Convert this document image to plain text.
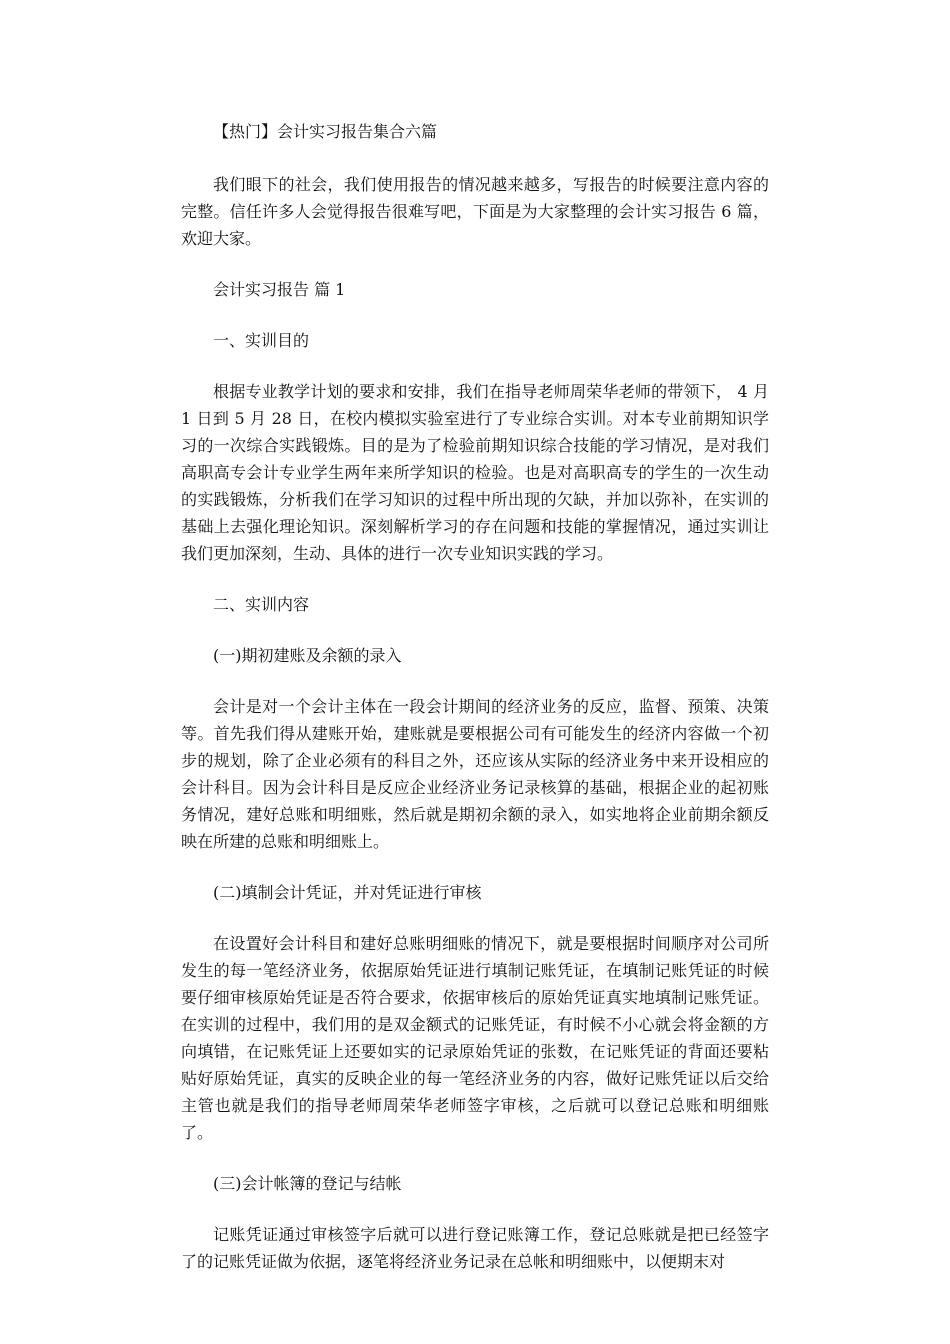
【热门】会计实习报告集合六篇

我们眼下的社会，我们使用报告的情况越来越多，写报告的时候要注意内容的完整。信任许多人会觉得报告很难写吧，下面是为大家整理的会计实习报告 6 篇，欢迎大家。

会计实习报告 篇 1
一、实训目的

根据专业教学计划的要求和安排，我们在指导老师周荣华老师的带领下， 4 月 1 日到 5 月 28 日，在校内模拟实验室进行了专业综合实训。对本专业前期知识学习的一次综合实践锻炼。目的是为了检验前期知识综合技能的学习情况，是对我们高职高专会计专业学生两年来所学知识的检验。也是对高职高专的学生的一次生动的实践锻炼，分析我们在学习知识的过程中所出现的欠缺，并加以弥补，在实训的基础上去强化理论知识。深刻解析学习的存在问题和技能的掌握情况，通过实训让我们更加深刻，生动、具体的进行一次专业知识实践的学习。

二、实训内容
(一)期初建账及余额的录入

会计是对一个会计主体在一段会计期间的经济业务的反应，监督、预策、决策等。首先我们得从建账开始，建账就是要根据公司有可能发生的经济内容做一个初步的规划，除了企业必须有的科目之外，还应该从实际的经济业务中来开设相应的会计科目。因为会计科目是反应企业经济业务记录核算的基础，根据企业的起初账务情况，建好总账和明细账，然后就是期初余额的录入，如实地将企业前期余额反映在所建的总账和明细账上。

(二)填制会计凭证，并对凭证进行审核

在设置好会计科目和建好总账明细账的情况下，就是要根据时间顺序对公司所发生的每一笔经济业务，依据原始凭证进行填制记账凭证，在填制记账凭证的时候要仔细审核原始凭证是否符合要求，依据审核后的原始凭证真实地填制记账凭证。在实训的过程中，我们用的是双金额式的记账凭证，有时候不小心就会将金额的方向填错，在记账凭证上还要如实的记录原始凭证的张数，在记账凭证的背面还要粘贴好原始凭证，真实的反映企业的每一笔经济业务的内容，做好记账凭证以后交给主管也就是我们的指导老师周荣华老师签字审核，之后就可以登记总账和明细账了。

(三)会计帐簿的登记与结帐

记账凭证通过审核签字后就可以进行登记账簿工作，登记总账就是把已经签字了的记账凭证做为依据，逐笔将经济业务记录在总帐和明细账中，以便期末对
